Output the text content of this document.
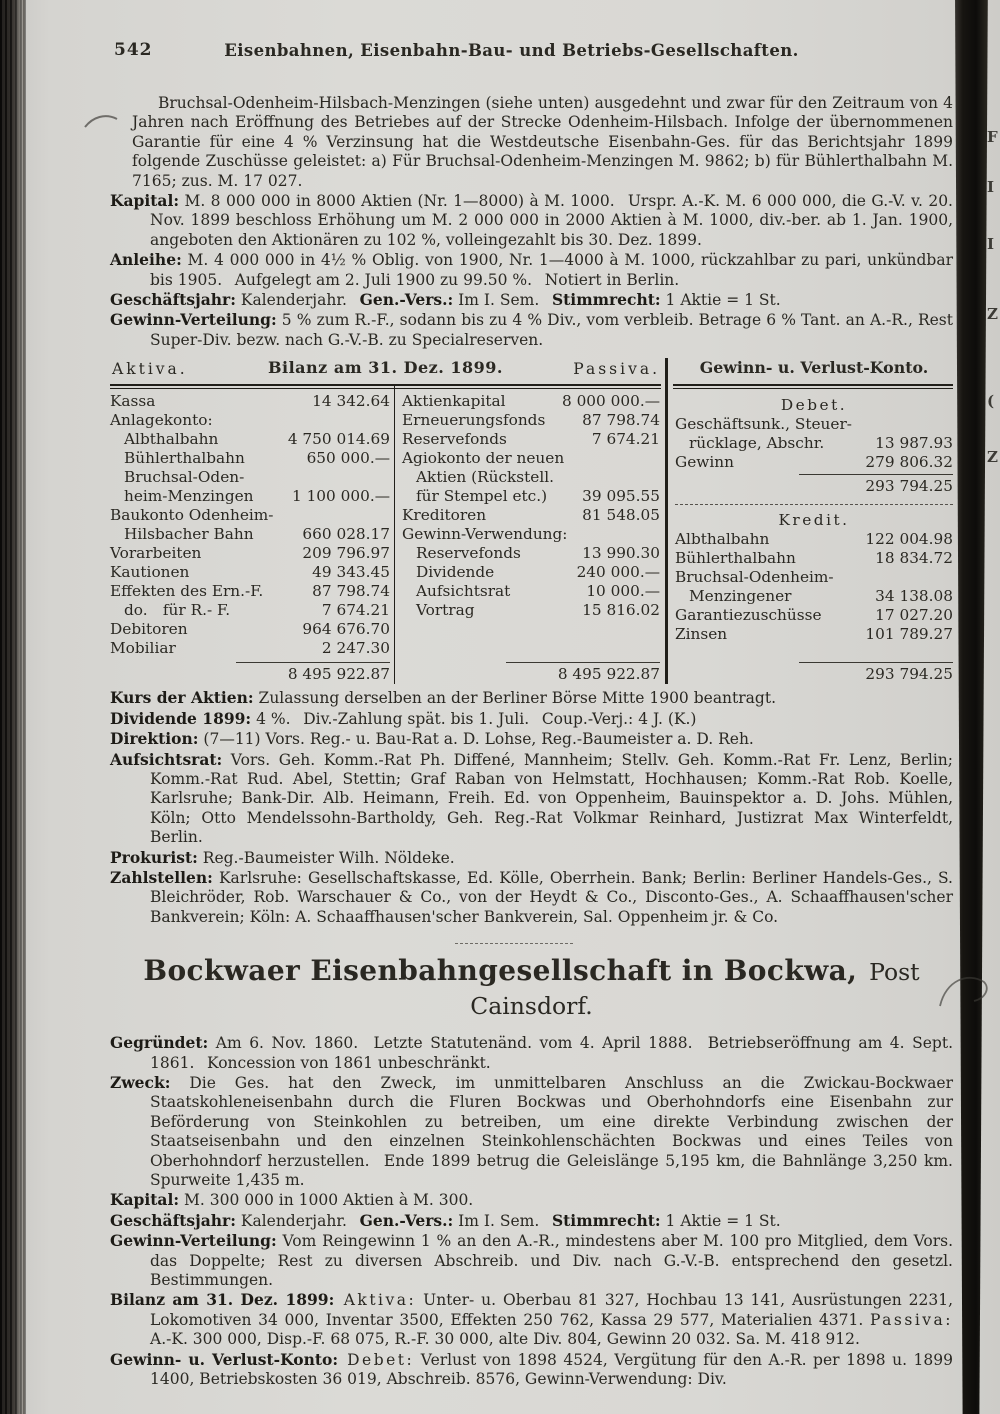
F
I
I
Z
(
Z
542	Eisenbahnen, Eisenbahn-Bau- und Betriebs-Gesellschaften.

Bruchsal-Odenheim-Hilsbach-Menzingen (siehe unten) ausgedehnt und zwar für den Zeitraum von 4 Jahren nach Eröffnung des Betriebes auf der Strecke Odenheim-Hilsbach. Infolge der übernommenen Garantie für eine 4 % Verzinsung hat die Westdeutsche Eisenbahn-Ges. für das Berichtsjahr 1899 folgende Zuschüsse geleistet: a) Für Bruchsal-Odenheim-Menzingen M. 9862; b) für Bühlerthalbahn M. 7165; zus. M. 17 027.

Kapital: M. 8 000 000 in 8000 Aktien (Nr. 1—8000) à M. 1000.  Urspr. A.-K. M. 6 000 000, die G.-V. v. 20. Nov. 1899 beschloss Erhöhung um M. 2 000 000 in 2000 Aktien à M. 1000, div.-ber. ab 1. Jan. 1900, angeboten den Aktionären zu 102 %, volleingezahlt bis 30. Dez. 1899.

Anleihe: M. 4 000 000 in 4½ % Oblig. von 1900, Nr. 1—4000 à M. 1000, rückzahlbar zu pari, unkündbar bis 1905.  Aufgelegt am 2. Juli 1900 zu 99.50 %.  Notiert in Berlin.

Geschäftsjahr: Kalenderjahr.  Gen.-Vers.: Im I. Sem.  Stimmrecht: 1 Aktie = 1 St.

Gewinn-Verteilung: 5 % zum R.-F., sodann bis zu 4 % Div., vom verbleib. Betrage 6 % Tant. an A.-R., Rest Super-Div. bezw. nach G.-V.-B. zu Specialreserven.

Aktiva.	Bilanz am 31. Dez. 1899.	Passiva.	Gewinn- u. Verlust-Konto.
Kassa	14 342.64
Anlagekonto:
Albthalbahn	4 750 014.69
Bühlerthalbahn	650 000.—
Bruchsal-Oden-
heim-Menzingen	1 100 000.—
Baukonto Odenheim-
Hilsbacher Bahn	660 028.17
Vorarbeiten	209 796.97
Kautionen	49 343.45
Effekten des Ern.-F.	87 798.74
do. für R.- F.	7 674.21
Debitoren	964 676.70
Mobiliar	2 247.30
8 495 922.87
Aktienkapital	8 000 000.—
Erneuerungsfonds 87 798.74
Reservefonds	7 674.21
Agiokonto der neuen
Aktien (Rückstell.
für Stempel etc.) 39 095.55
Kreditoren	81 548.05
Gewinn-Verwendung:
Reservefonds	13 990.30
Dividende	240 000.—
Aufsichtsrat	10 000.—
Vortrag	15 816.02
8 495 922.87
Debet.
Geschäftsunk., Steuer-
rücklage, Abschr.	13 987.93
Gewinn	279 806.32
293 794.25
Kredit.
Albthalbahn	122 004.98
Bühlerthalbahn	18 834.72
Bruchsal-Odenheim-
Menzingener	34 138.08
Garantiezuschüsse	17 027.20
Zinsen	101 789.27
293 794.25

Kurs der Aktien: Zulassung derselben an der Berliner Börse Mitte 1900 beantragt.

Dividende 1899: 4 %.  Div.-Zahlung spät. bis 1. Juli.  Coup.-Verj.: 4 J. (K.)

Direktion: (7—11) Vors. Reg.- u. Bau-Rat a. D. Lohse, Reg.-Baumeister a. D. Reh.

Aufsichtsrat: Vors. Geh. Komm.-Rat Ph. Diffené, Mannheim; Stellv. Geh. Komm.-Rat Fr. Lenz, Berlin; Komm.-Rat Rud. Abel, Stettin; Graf Raban von Helmstatt, Hochhausen; Komm.-Rat Rob. Koelle, Karlsruhe; Bank-Dir. Alb. Heimann, Freih. Ed. von Oppenheim, Bauinspektor a. D. Johs. Mühlen, Köln; Otto Mendelssohn-Bartholdy, Geh. Reg.-Rat Volkmar Reinhard, Justizrat Max Winterfeldt, Berlin.

Prokurist: Reg.-Baumeister Wilh. Nöldeke.

Zahlstellen: Karlsruhe: Gesellschaftskasse, Ed. Kölle, Oberrhein. Bank; Berlin: Berliner Handels-Ges., S. Bleichröder, Rob. Warschauer & Co., von der Heydt & Co., Disconto-Ges., A. Schaaffhausen'scher Bankverein; Köln: A. Schaaffhausen'scher Bankverein, Sal. Oppenheim jr. & Co.

Bockwaer Eisenbahngesellschaft in Bockwa, Post Cainsdorf.

Gegründet: Am 6. Nov. 1860.  Letzte Statutenänd. vom 4. April 1888.  Betriebseröffnung am 4. Sept. 1861.  Koncession von 1861 unbeschränkt.

Zweck: Die Ges. hat den Zweck, im unmittelbaren Anschluss an die Zwickau-Bockwaer Staatskohleneisenbahn durch die Fluren Bockwas und Oberhohndorfs eine Eisenbahn zur Beförderung von Steinkohlen zu betreiben, um eine direkte Verbindung zwischen der Staatseisenbahn und den einzelnen Steinkohlenschächten Bockwas und eines Teiles von Oberhohndorf herzustellen.  Ende 1899 betrug die Geleislänge 5,195 km, die Bahnlänge 3,250 km. Spurweite 1,435 m.

Kapital: M. 300 000 in 1000 Aktien à M. 300.

Geschäftsjahr: Kalenderjahr.  Gen.-Vers.: Im I. Sem.  Stimmrecht: 1 Aktie = 1 St.

Gewinn-Verteilung: Vom Reingewinn 1 % an den A.-R., mindestens aber M. 100 pro Mitglied, dem Vors. das Doppelte; Rest zu diversen Abschreib. und Div. nach G.-V.-B. entsprechend den gesetzl. Bestimmungen.

Bilanz am 31. Dez. 1899: Aktiva: Unter- u. Oberbau 81 327, Hochbau 13 141, Ausrüstungen 2231, Lokomotiven 34 000, Inventar 3500, Effekten 250 762, Kassa 29 577, Materialien 4371. Passiva: A.-K. 300 000, Disp.-F. 68 075, R.-F. 30 000, alte Div. 804, Gewinn 20 032. Sa. M. 418 912.

Gewinn- u. Verlust-Konto: Debet: Verlust von 1898 4524, Vergütung für den A.-R. per 1898 u. 1899 1400, Betriebskosten 36 019, Abschreib. 8576, Gewinn-Verwendung: Div.
